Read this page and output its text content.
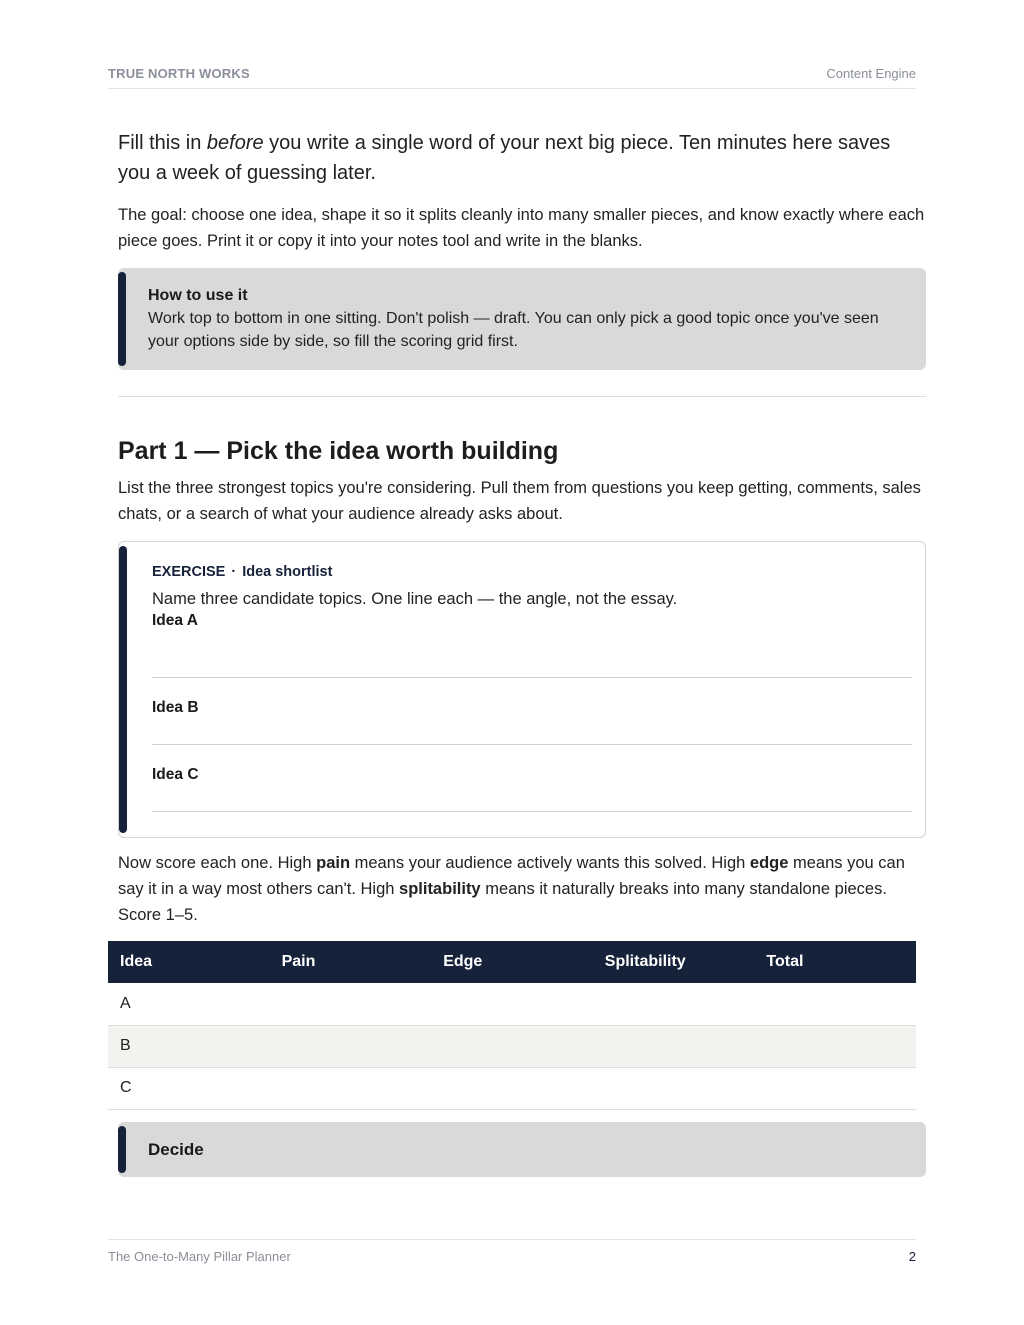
TRUE NORTH WORKS	Content Engine

Fill this in before you write a single word of your next big piece. Ten minutes here saves you a week of guessing later.

The goal: choose one idea, shape it so it splits cleanly into many smaller pieces, and know exactly where each piece goes. Print it or copy it into your notes tool and write in the blanks.

How to use it
Work top to bottom in one sitting. Don't polish — draft. You can only pick a good topic once you've seen your options side by side, so fill the scoring grid first.
Part 1 — Pick the idea worth building

List the three strongest topics you're considering. Pull them from questions you keep getting, comments, sales chats, or a search of what your audience already asks about.

EXERCISE · Idea shortlist
Name three candidate topics. One line each — the angle, not the essay.
Idea A
Idea B
Idea C

Now score each one. High pain means your audience actively wants this solved. High edge means you can say it in a way most others can't. High splitability means it naturally breaks into many standalone pieces. Score 1–5.

Idea	Pain	Edge	Splitability	Total
A				
B				
C				
Decide
The One-to-Many Pillar Planner	2
